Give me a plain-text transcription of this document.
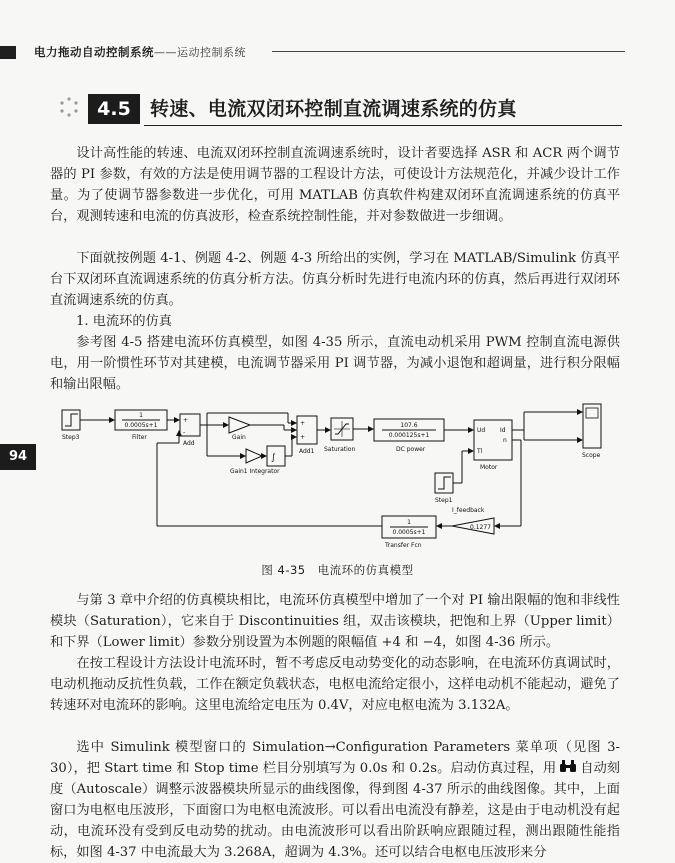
电力拖动自动控制系统——运动控制系统
4.5	转速、电流双闭环控制直流调速系统的仿真
94

设计高性能的转速、电流双闭环控制直流调速系统时，设计者要选择 ASR 和 ACR 两个调节器的 PI 参数，有效的方法是使用调节器的工程设计方法，可使设计方法规范化，并减少设计工作量。为了使调节器参数进一步优化，可用 MATLAB 仿真软件构建双闭环直流调速系统的仿真平台，观测转速和电流的仿真波形，检查系统控制性能，并对参数做进一步细调。

下面就按例题 4-1、例题 4-2、例题 4-3 所给出的实例，学习在 MATLAB/Simulink 仿真平台下双闭环直流调速系统的仿真分析方法。仿真分析时先进行电流内环的仿真，然后再进行双闭环直流调速系统的仿真。

1. 电流环的仿真

参考图 4-5 搭建电流环仿真模型，如图 4-35 所示，直流电动机采用 PWM 控制直流电源供电，用一阶惯性环节对其建模，电流调节器采用 PI 调节器，为减小退饱和超调量，进行积分限幅和输出限幅。

Step3
1
0.0005s+1
Filter
+
-
Add
Gain
∫
Gain1 Integrator
+
+
Add1 Saturation
107.6
0.000125s+1
DC power
Ud Id
Tl
n
Motor
Scope
Step1
I_feedback
0.1277
1
0.0005s+1
Transfer Fcn
图 4-35　电流环的仿真模型

与第 3 章中介绍的仿真模块相比，电流环仿真模型中增加了一个对 PI 输出限幅的饱和非线性模块（Saturation），它来自于 Discontinuities 组，双击该模块，把饱和上界（Upper limit）和下界（Lower limit）参数分别设置为本例题的限幅值 +4 和 −4，如图 4-36 所示。

在按工程设计方法设计电流环时，暂不考虑反电动势变化的动态影响，在电流环仿真调试时，电动机拖动反抗性负载，工作在额定负载状态，电枢电流给定很小，这样电动机不能起动，避免了转速环对电流环的影响。这里电流给定电压为 0.4V，对应电枢电流为 3.132A。

选中 Simulink 模型窗口的 Simulation→Configuration Parameters 菜单项（见图 3-30），把 Start time 和 Stop time 栏目分别填写为 0.0s 和 0.2s。启动仿真过程，用 自动刻度（Autoscale）调整示波器模块所显示的曲线图像，得到图 4-37 所示的曲线图像。其中，上面窗口为电枢电压波形，下面窗口为电枢电流波形。可以看出电流没有静差，这是由于电动机没有起动，电流环没有受到反电动势的扰动。由电流波形可以看出阶跃响应跟随过程，测出跟随性能指标，如图 4-37 中电流最大为 3.268A，超调为 4.3%。还可以结合电枢电压波形来分
